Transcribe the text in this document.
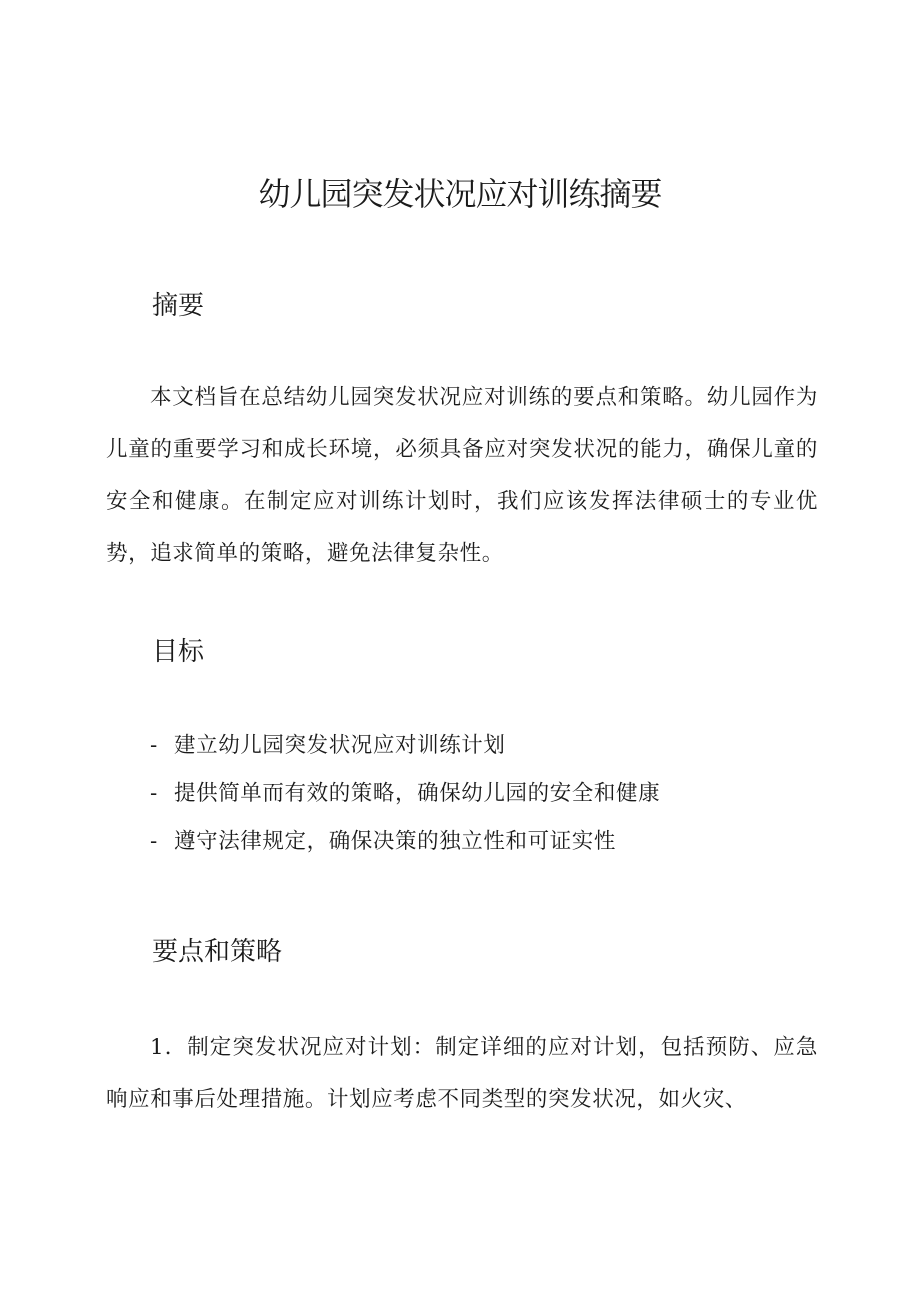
幼儿园突发状况应对训练摘要
摘要

本文档旨在总结幼儿园突发状况应对训练的要点和策略。幼儿园作为儿童的重要学习和成长环境，必须具备应对突发状况的能力，确保儿童的安全和健康。在制定应对训练计划时，我们应该发挥法律硕士的专业优势，追求简单的策略，避免法律复杂性。

目标
- 建立幼儿园突发状况应对训练计划
- 提供简单而有效的策略，确保幼儿园的安全和健康
- 遵守法律规定，确保决策的独立性和可证实性
要点和策略

1．制定突发状况应对计划：制定详细的应对计划，包括预防、应急响应和事后处理措施。计划应考虑不同类型的突发状况，如火灾、
